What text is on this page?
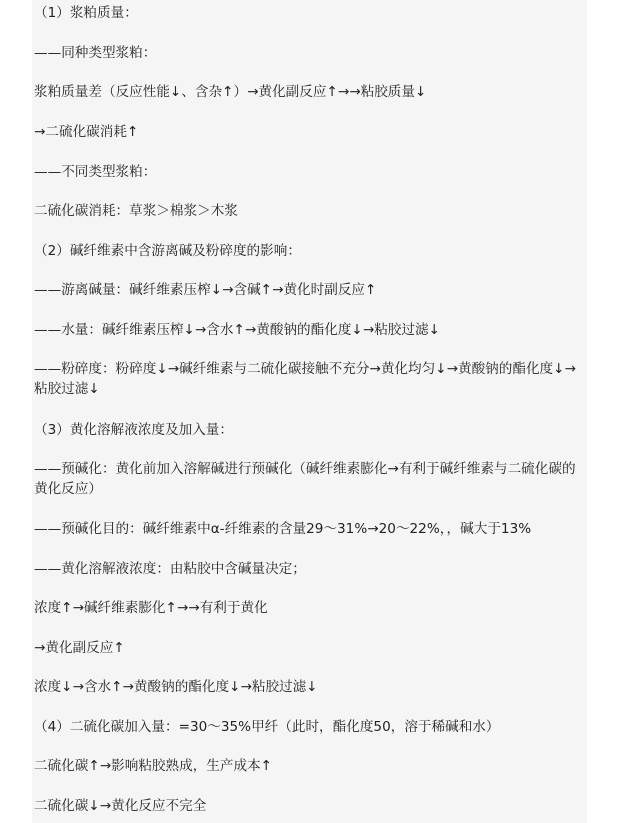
（1）浆粕质量：
——同种类型浆粕：
浆粕质量差（反应性能↓、含杂↑）→黄化副反应↑→→粘胶质量↓
→二硫化碳消耗↑
——不同类型浆粕：
二硫化碳消耗：草浆＞棉浆＞木浆
（2）碱纤维素中含游离碱及粉碎度的影响：
——游离碱量：碱纤维素压榨↓→含碱↑→黄化时副反应↑
——水量：碱纤维素压榨↓→含水↑→黄酸钠的酯化度↓→粘胶过滤↓
——粉碎度：粉碎度↓→碱纤维素与二硫化碳接触不充分→黄化均匀↓→黄酸钠的酯化度↓→粘胶过滤↓
（3）黄化溶解液浓度及加入量：
——预碱化：黄化前加入溶解碱进行预碱化（碱纤维素膨化→有利于碱纤维素与二硫化碳的黄化反应）
——预碱化目的：碱纤维素中α-纤维素的含量29～31%→20～22%，，碱大于13%
——黄化溶解液浓度：由粘胶中含碱量决定；
浓度↑→碱纤维素膨化↑→→有利于黄化
→黄化副反应↑
浓度↓→含水↑→黄酸钠的酯化度↓→粘胶过滤↓
（4）二硫化碳加入量：=30～35%甲纤（此时，酯化度50，溶于稀碱和水）
二硫化碳↑→影响粘胶熟成，生产成本↑
二硫化碳↓→黄化反应不完全
